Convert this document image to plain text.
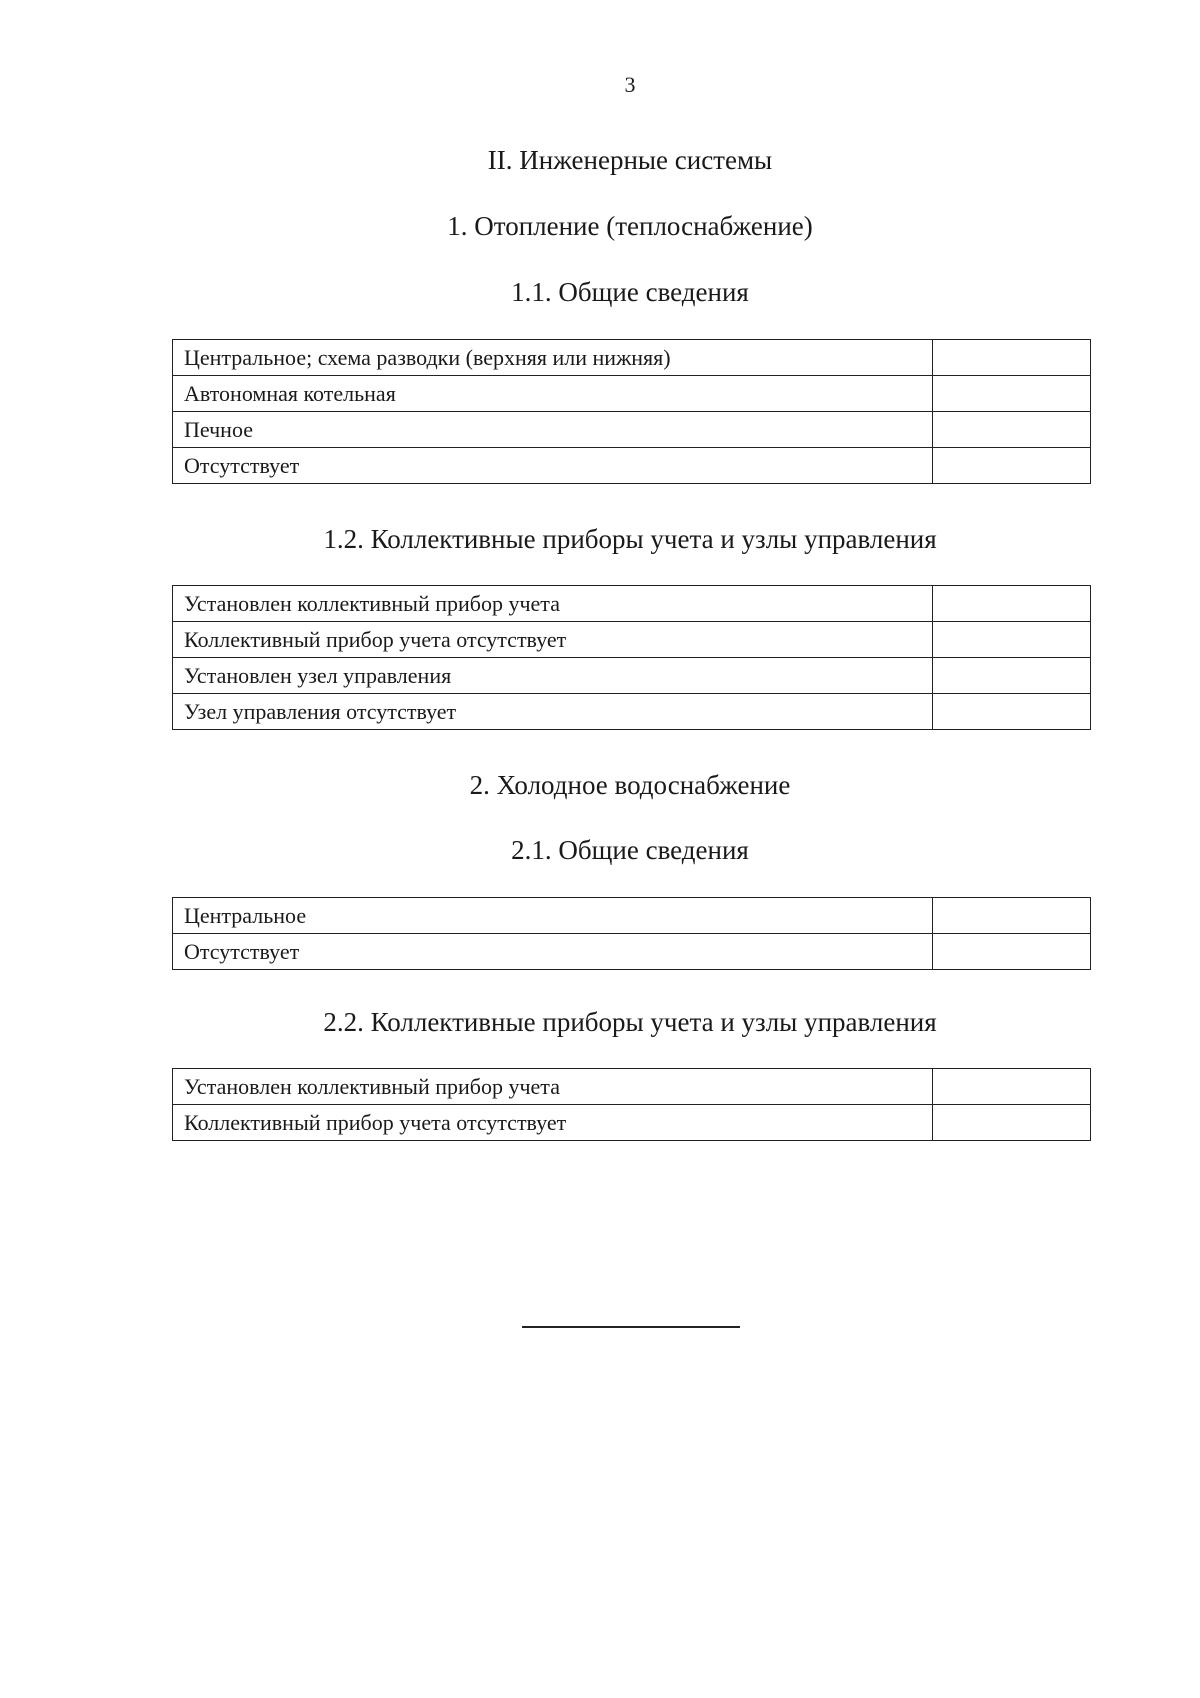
3
II. Инженерные системы
1. Отопление (теплоснабжение)
1.1. Общие сведения
Центральное; схема разводки (верхняя или нижняя)	
Автономная котельная	
Печное	
Отсутствует	
1.2. Коллективные приборы учета и узлы управления
Установлен коллективный прибор учета	
Коллективный прибор учета отсутствует	
Установлен узел управления	
Узел управления отсутствует	
2. Холодное водоснабжение
2.1. Общие сведения
Центральное	
Отсутствует	
2.2. Коллективные приборы учета и узлы управления
Установлен коллективный прибор учета	
Коллективный прибор учета отсутствует	
